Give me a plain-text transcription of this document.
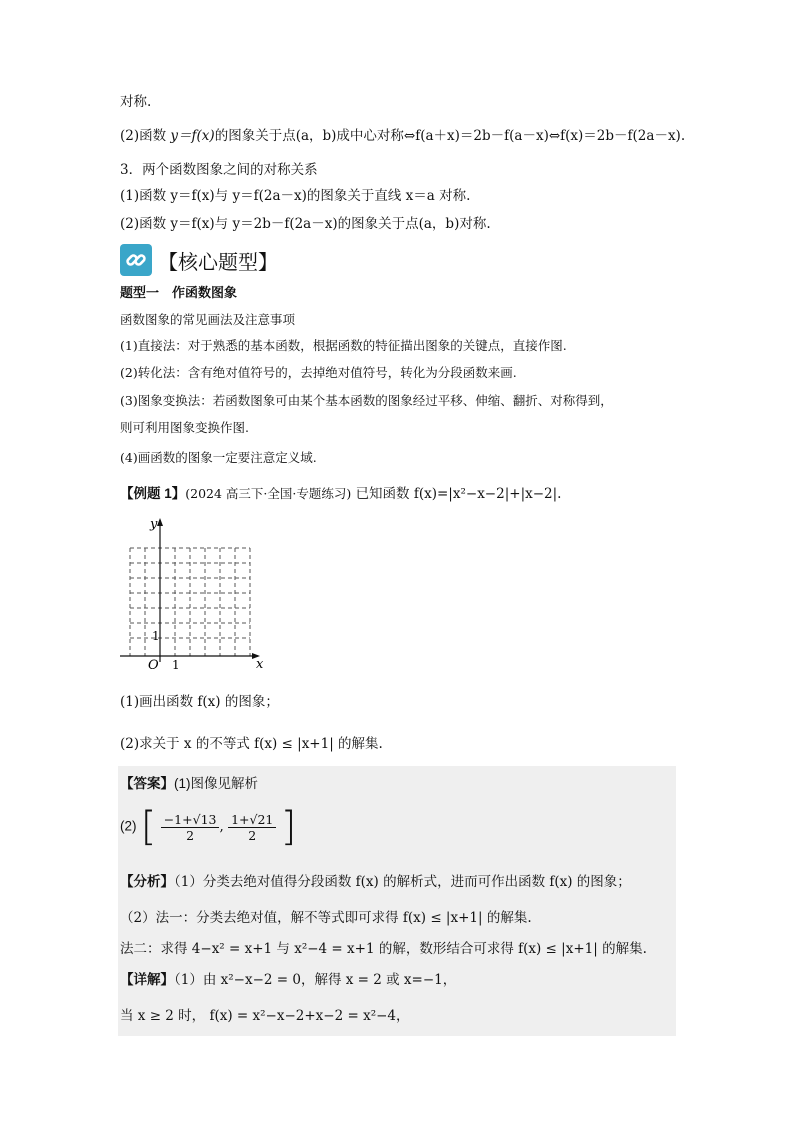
对称.
(2)函数 y＝f(x)的图象关于点(a，b)成中心对称⇔f(a＋x)＝2b－f(a－x)⇔f(x)＝2b－f(2a－x).
3．两个函数图象之间的对称关系
(1)函数 y＝f(x)与 y＝f(2a－x)的图象关于直线 x＝a 对称.
(2)函数 y＝f(x)与 y＝2b－f(2a－x)的图象关于点(a，b)对称.
【核心题型】
题型一　作函数图象
函数图象的常见画法及注意事项
(1)直接法：对于熟悉的基本函数，根据函数的特征描出图象的关键点，直接作图.
(2)转化法：含有绝对值符号的，去掉绝对值符号，转化为分段函数来画.
(3)图象变换法：若函数图象可由某个基本函数的图象经过平移、伸缩、翻折、对称得到，
则可利用图象变换作图.
(4)画函数的图象一定要注意定义域.
【例题 1】(2024 高三下·全国·专题练习) 已知函数 f(x)=|x²−x−2|+|x−2|.
y
x
O 1
1
(1)画出函数 f(x) 的图象；
(2)求关于 x 的不等式 f(x) ≤ |x+1| 的解集.
【答案】(1)图像见解析
(2) [ $\frac{-1+√13}{2}$ , $\frac{1+√21}{2}$ ]
【分析】（1）分类去绝对值得分段函数 f(x) 的解析式，进而可作出函数 f(x) 的图象；
（2）法一：分类去绝对值，解不等式即可求得 f(x) ≤ |x+1| 的解集.
法二：求得 4−x² = x+1 与 x²−4 = x+1 的解，数形结合可求得 f(x) ≤ |x+1| 的解集.
【详解】（1）由 x²−x−2 = 0，解得 x = 2 或 x=−1，
当 x ≥ 2 时， f(x) = x²−x−2+x−2 = x²−4，
